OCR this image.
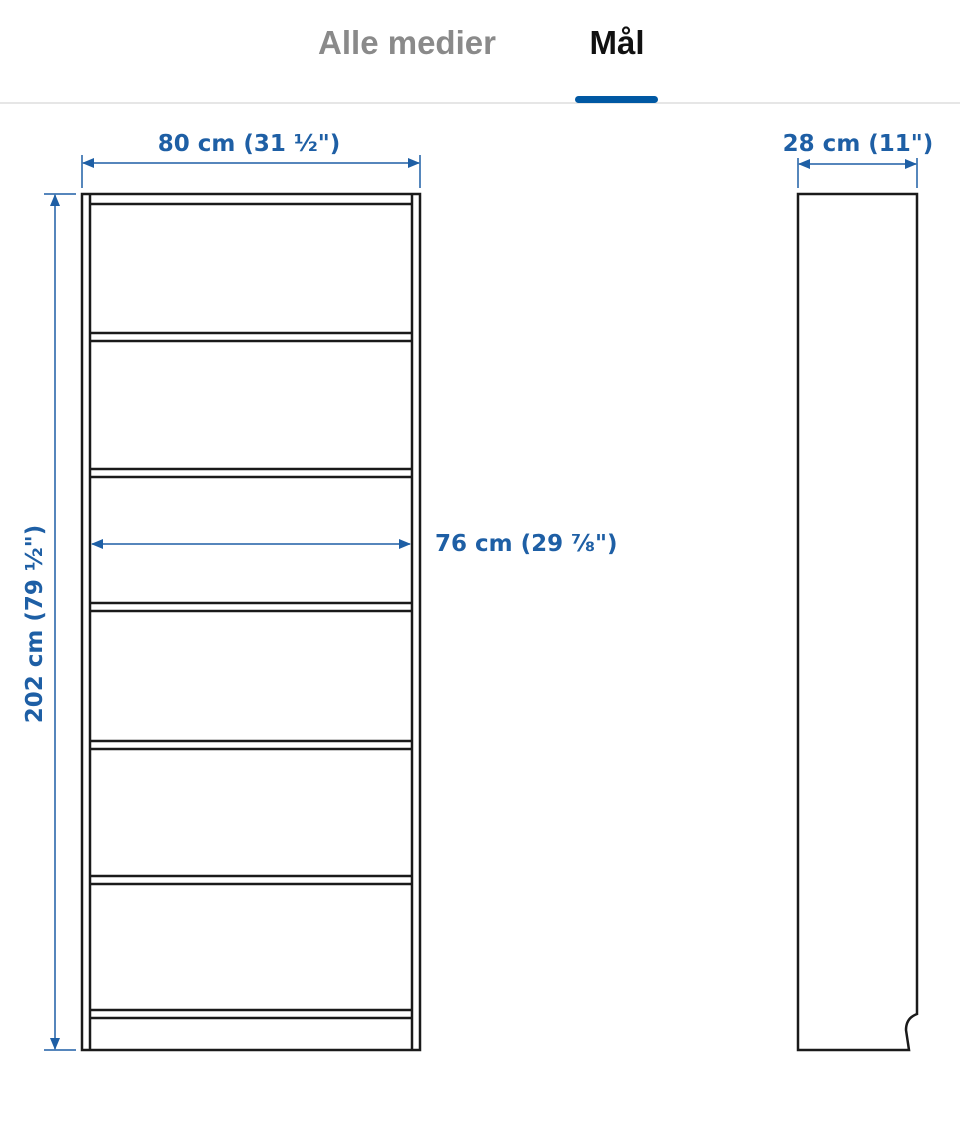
Alle medier	Mål
80 cm (31 ½")	28 cm (11")
76 cm (29 ⅞")
202 cm (79 ½")
